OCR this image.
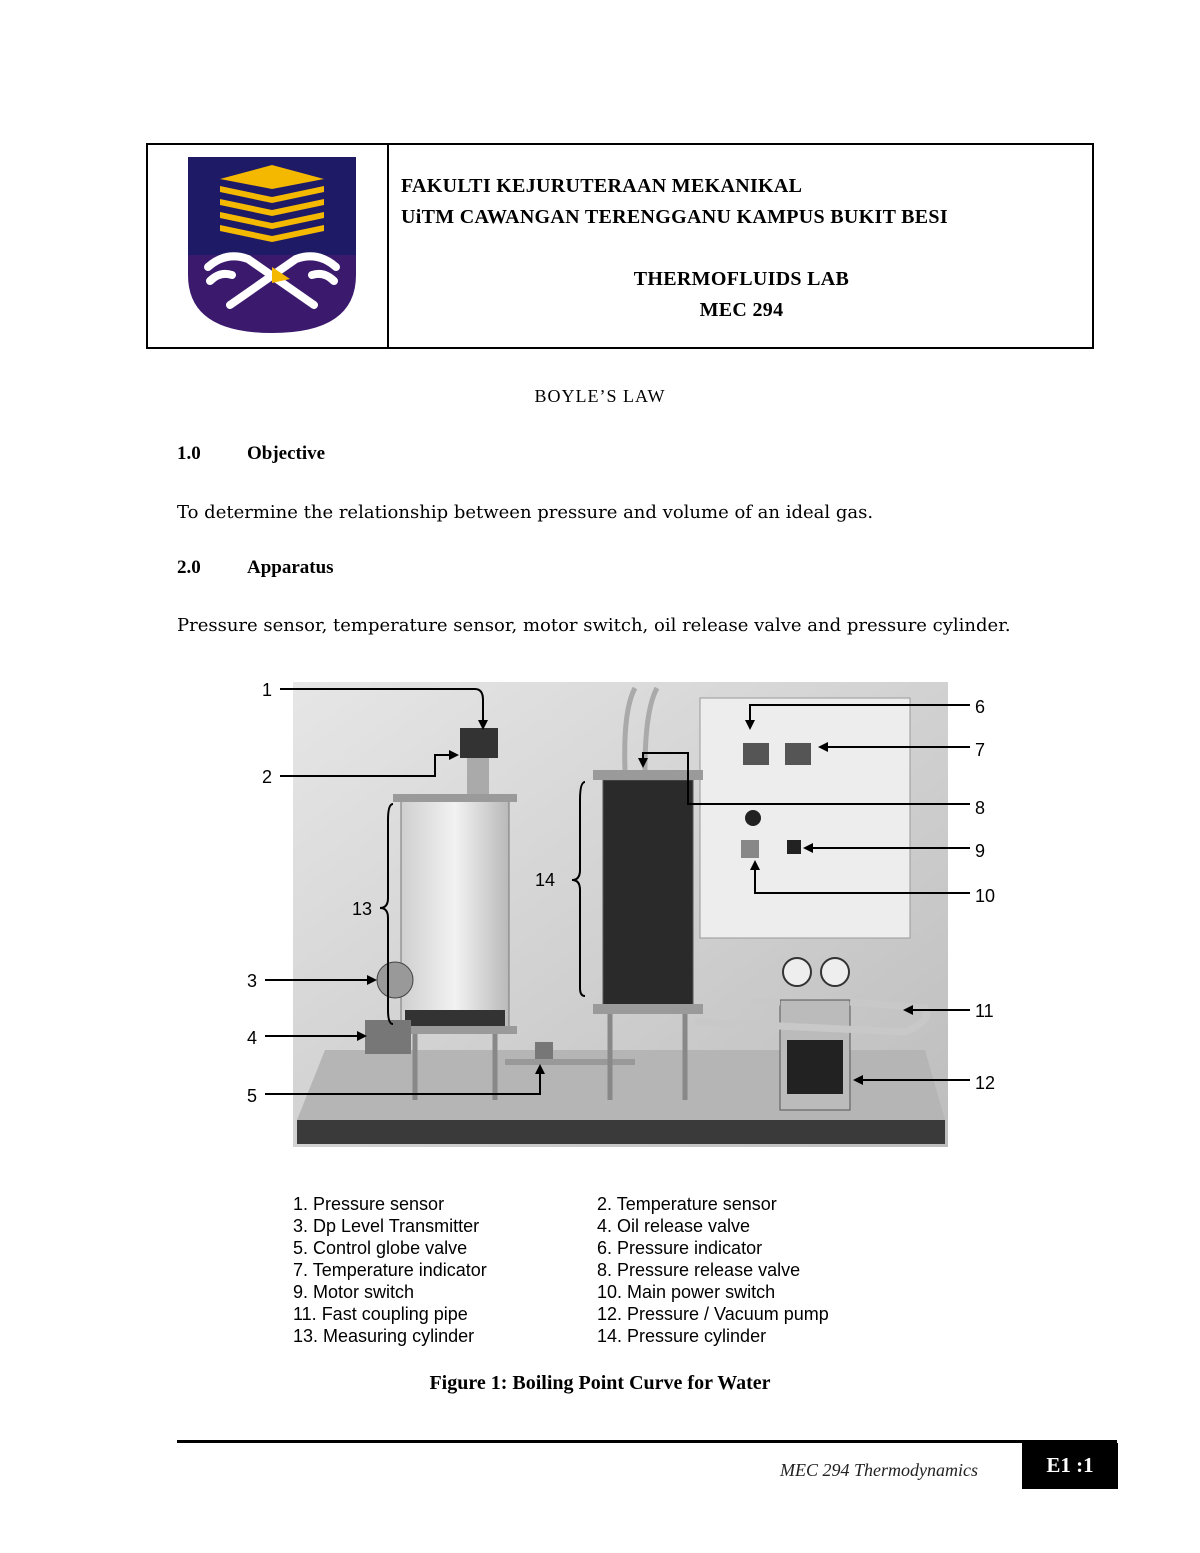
FAKULTI KEJURUTERAAN MEKANIKAL
UiTM CAWANGAN TERENGGANU KAMPUS BUKIT BESI
THERMOFLUIDS LAB
MEC 294
BOYLE’S LAW
1.0 Objective
To determine the relationship between pressure and volume of an ideal gas.
2.0 Apparatus
Pressure sensor, temperature sensor, motor switch, oil release valve and pressure cylinder.
1
2
3
4
5
6
7
8
9
10
11
12
13
14
1. Pressure sensor	2. Temperature sensor
3. Dp Level Transmitter	4. Oil release valve
5. Control globe valve	6. Pressure indicator
7. Temperature indicator	8. Pressure release valve
9. Motor switch	10. Main power switch
11. Fast coupling pipe	12. Pressure / Vacuum pump
13. Measuring cylinder	14. Pressure cylinder
Figure 1: Boiling Point Curve for Water
MEC 294 Thermodynamics	E1 :1
